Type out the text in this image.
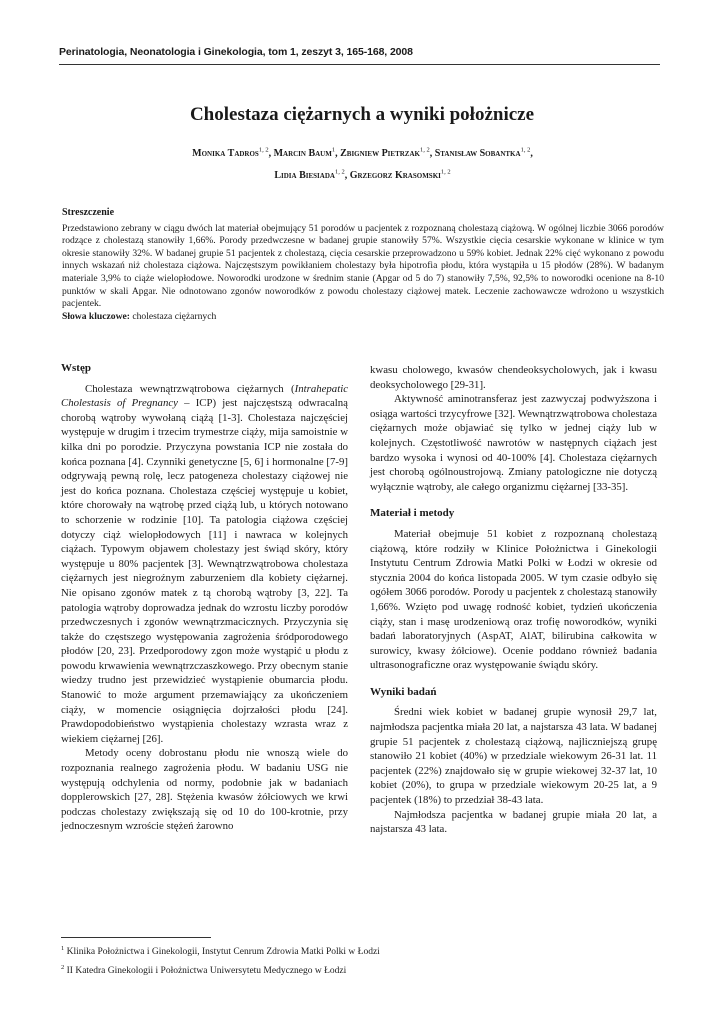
Perinatologia, Neonatologia i Ginekologia, tom 1, zeszyt 3, 165-168, 2008
Cholestaza ciężarnych a wyniki położnicze
Monika Tadros$^{1, 2}$, Marcin Baum$^1$, Zbigniew Pietrzak$^{1, 2}$, Stanisław Sobantka$^{1, 2}$,
Lidia Biesiada$^{1, 2}$, Grzegorz Krasomski$^{1, 2}$
Streszczenie

Przedstawiono zebrany w ciągu dwóch lat materiał obejmujący 51 porodów u pacjentek z rozpoznaną cholestazą ciążową. W ogólnej liczbie 3066 porodów rodzące z cholestazą stanowiły 1,66%. Porody przedwczesne w badanej grupie stanowiły 57%. Wszystkie cięcia cesarskie wykonane w klinice w tym okresie stanowiły 32%. W badanej grupie 51 pacjentek z cholestazą, cięcia cesarskie przeprowadzono u 59% kobiet. Jednak 22% cięć wykonano z powodu innych wskazań niż cholestaza ciążowa. Najczęstszym powikłaniem cholestazy była hipotrofia płodu, która wystąpiła u 15 płodów (28%). W badanym materiale 3,9% to ciąże wielopłodowe. Noworodki urodzone w średnim stanie (Apgar od 5 do 7) stanowiły 7,5%, 92,5% to noworodki ocenione na 8-10 punktów w skali Apgar. Nie odnotowano zgonów noworodków z powodu cholestazy ciążowej matek. Leczenie zachowawcze wdrożono u wszystkich pacjentek.

Słowa kluczowe: cholestaza ciężarnych

Wstęp

Cholestaza wewnątrzwątrobowa ciężarnych (Intrahepatic Cholestasis of Pregnancy – ICP) jest najczęstszą odwracalną chorobą wątroby wywołaną ciążą [1-3]. Cholestaza najczęściej występuje w drugim i trzecim trymestrze ciąży, mija samoistnie w kilka dni po porodzie. Przyczyna powstania ICP nie została do końca poznana [4]. Czynniki genetyczne [5, 6] i hormonalne [7-9] odgrywają pewną rolę, lecz patogeneza cholestazy ciążowej nie jest do końca poznana. Cholestaza częściej występuje u kobiet, które chorowały na wątrobę przed ciążą lub, u których notowano to schorzenie w rodzinie [10]. Ta patologia ciążowa częściej dotyczy ciąż wielopłodowych [11] i nawraca w kolejnych ciążach. Typowym objawem cholestazy jest świąd skóry, który występuje u 80% pacjentek [3]. Wewnątrzwątrobowa cholestaza ciężarnych jest niegroźnym zaburzeniem dla kobiety ciężarnej. Nie opisano zgonów matek z tą chorobą wątroby [3, 22]. Ta patologia wątroby doprowadza jednak do wzrostu liczby porodów przedwczesnych i zgonów wewnątrzmacicznych. Przyczynia się także do częstszego występowania zagrożenia śródporodowego płodów [20, 23]. Przedporodowy zgon może wystąpić u płodu z powodu krwawienia wewnątrzczaszkowego. Przy obecnym stanie wiedzy trudno jest przewidzieć wystąpienie obumarcia płodu. Stanowić to może argument przemawiający za ukończeniem ciąży, w momencie osiągnięcia dojrzałości płodu [24]. Prawdopodobieństwo wystąpienia cholestazy wzrasta wraz z wiekiem ciężarnej [26].

Metody oceny dobrostanu płodu nie wnoszą wiele do rozpoznania realnego zagrożenia płodu. W badaniu USG nie występują odchylenia od normy, podobnie jak w badaniach dopplerowskich [27, 28]. Stężenia kwasów żółciowych we krwi podczas cholestazy zwiększają się od 10 do 100-krotnie, przy jednoczesnym wzroście stężeń żarowno

kwasu cholowego, kwasów chendeoksycholowych, jak i kwasu deoksycholowego [29-31].

Aktywność aminotransferaz jest zazwyczaj podwyższona i osiąga wartości trzycyfrowe [32]. Wewnątrzwątrobowa cholestaza ciężarnych może objawiać się tylko w jednej ciąży lub w kolejnych. Częstotliwość nawrotów w następnych ciążach jest bardzo wysoka i wynosi od 40-100% [4]. Cholestaza ciężarnych jest chorobą ogólnoustrojową. Zmiany patologiczne nie dotyczą wyłącznie wątroby, ale całego organizmu ciężarnej [33-35].

Materiał i metody

Materiał obejmuje 51 kobiet z rozpoznaną cholestazą ciążową, które rodziły w Klinice Położnictwa i Ginekologii Instytutu Centrum Zdrowia Matki Polki w Łodzi w okresie od stycznia 2004 do końca listopada 2005. W tym czasie odbyło się ogółem 3066 porodów. Porody u pacjentek z cholestazą stanowiły 1,66%. Wzięto pod uwagę rodność kobiet, tydzień ukończenia ciąży, stan i masę urodzeniową oraz trofię noworodków, wyniki badań laboratoryjnych (AspAT, AlAT, bilirubina całkowita w surowicy, kwasy żółciowe). Ocenie poddano również badania ultrasonograficzne oraz występowanie świądu skóry.

Wyniki badań

Średni wiek kobiet w badanej grupie wynosił 29,7 lat, najmłodsza pacjentka miała 20 lat, a najstarsza 43 lata. W badanej grupie 51 pacjentek z cholestazą ciążową, najliczniejszą grupę stanowiło 21 kobiet (40%) w przedziale wiekowym 26-31 lat. 11 pacjentek (22%) znajdowało się w grupie wiekowej 32-37 lat, 10 kobiet (20%), to grupa w przedziale wiekowym 20-25 lat, a 9 pacjentek (18%) to przedział 38-43 lata.

Najmłodsza pacjentka w badanej grupie miała 20 lat, a najstarsza 43 lata.

$^1$ Klinika Położnictwa i Ginekologii, Instytut Cenrum Zdrowia Matki Polki w Łodzi
$^2$ II Katedra Ginekologii i Położnictwa Uniwersytetu Medycznego w Łodzi
